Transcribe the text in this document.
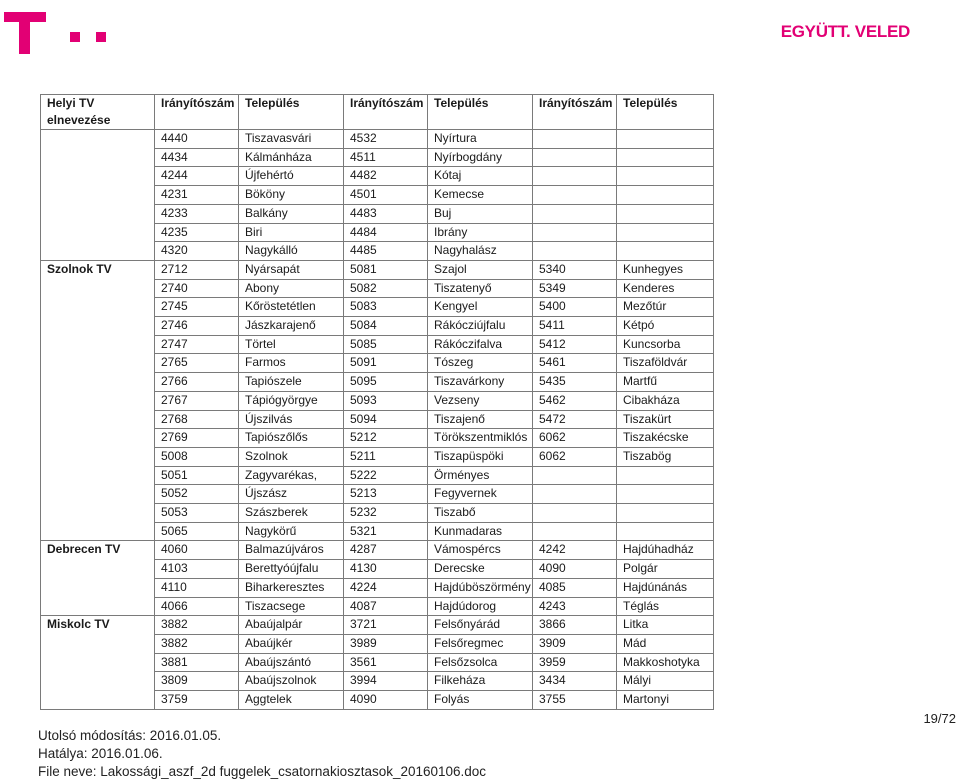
EGYÜTT. VELED
Helyi TV elnevezése	Irányítószám	Település	Irányítószám	Település	Irányítószám	Település
	4440	Tiszavasvári	4532	Nyírtura		
	4434	Kálmánháza	4511	Nyírbogdány		
	4244	Újfehértó	4482	Kótaj		
	4231	Bököny	4501	Kemecse		
	4233	Balkány	4483	Buj		
	4235	Biri	4484	Ibrány		
	4320	Nagykálló	4485	Nagyhalász		
Szolnok TV	2712	Nyársapát	5081	Szajol	5340	Kunhegyes
	2740	Abony	5082	Tiszatenyő	5349	Kenderes
	2745	Kőröstetétlen	5083	Kengyel	5400	Mezőtúr
	2746	Jászkarajenő	5084	Rákócziújfalu	5411	Kétpó
	2747	Törtel	5085	Rákóczifalva	5412	Kuncsorba
	2765	Farmos	5091	Tószeg	5461	Tiszaföldvár
	2766	Tapiószele	5095	Tiszavárkony	5435	Martfű
	2767	Tápiógyörgye	5093	Vezseny	5462	Cibakháza
	2768	Újszilvás	5094	Tiszajenő	5472	Tiszakürt
	2769	Tapiószőlős	5212	Törökszentmiklós	6062	Tiszakécske
	5008	Szolnok	5211	Tiszapüspöki	6062	Tiszabög
	5051	Zagyvarékas,	5222	Örményes		
	5052	Újszász	5213	Fegyvernek		
	5053	Szászberek	5232	Tiszabő		
	5065	Nagykörű	5321	Kunmadaras		
Debrecen TV	4060	Balmazújváros	4287	Vámospércs	4242	Hajdúhadház
	4103	Berettyóújfalu	4130	Derecske	4090	Polgár
	4110	Biharkeresztes	4224	Hajdúböszörmény	4085	Hajdúnánás
	4066	Tiszacsege	4087	Hajdúdorog	4243	Téglás
Miskolc TV	3882	Abaújalpár	3721	Felsőnyárád	3866	Litka
	3882	Abaújkér	3989	Felsőregmec	3909	Mád
	3881	Abaújszántó	3561	Felsőzsolca	3959	Makkoshotyka
	3809	Abaújszolnok	3994	Filkeháza	3434	Mályi
	3759	Aggtelek	4090	Folyás	3755	Martonyi
Utolsó módosítás: 2016.01.05.
Hatálya: 2016.01.06.
File neve: Lakossági_aszf_2d fuggelek_csatornakiosztasok_20160106.doc
19/72
